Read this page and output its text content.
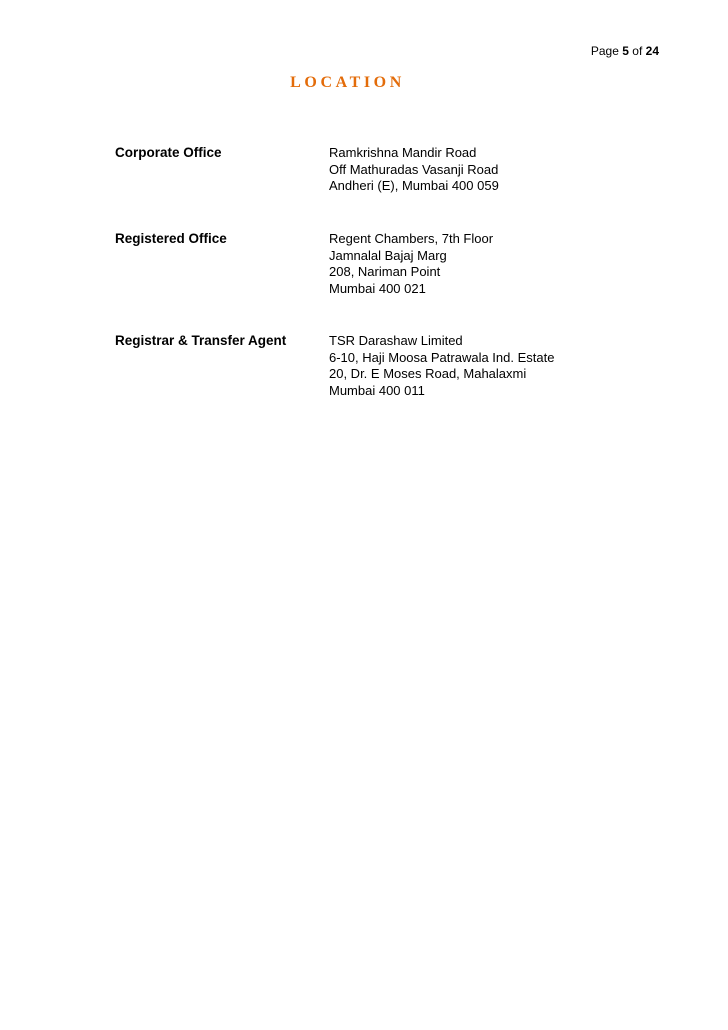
Page 5 of 24
LOCATION
Corporate Office	Ramkrishna Mandir Road
Off Mathuradas Vasanji Road
Andheri (E), Mumbai 400 059
Registered Office	Regent Chambers, 7th Floor
Jamnalal Bajaj Marg
208, Nariman Point
Mumbai 400 021
Registrar & Transfer Agent	TSR Darashaw Limited
6-10, Haji Moosa Patrawala Ind. Estate
20, Dr. E Moses Road, Mahalaxmi
Mumbai 400 011
